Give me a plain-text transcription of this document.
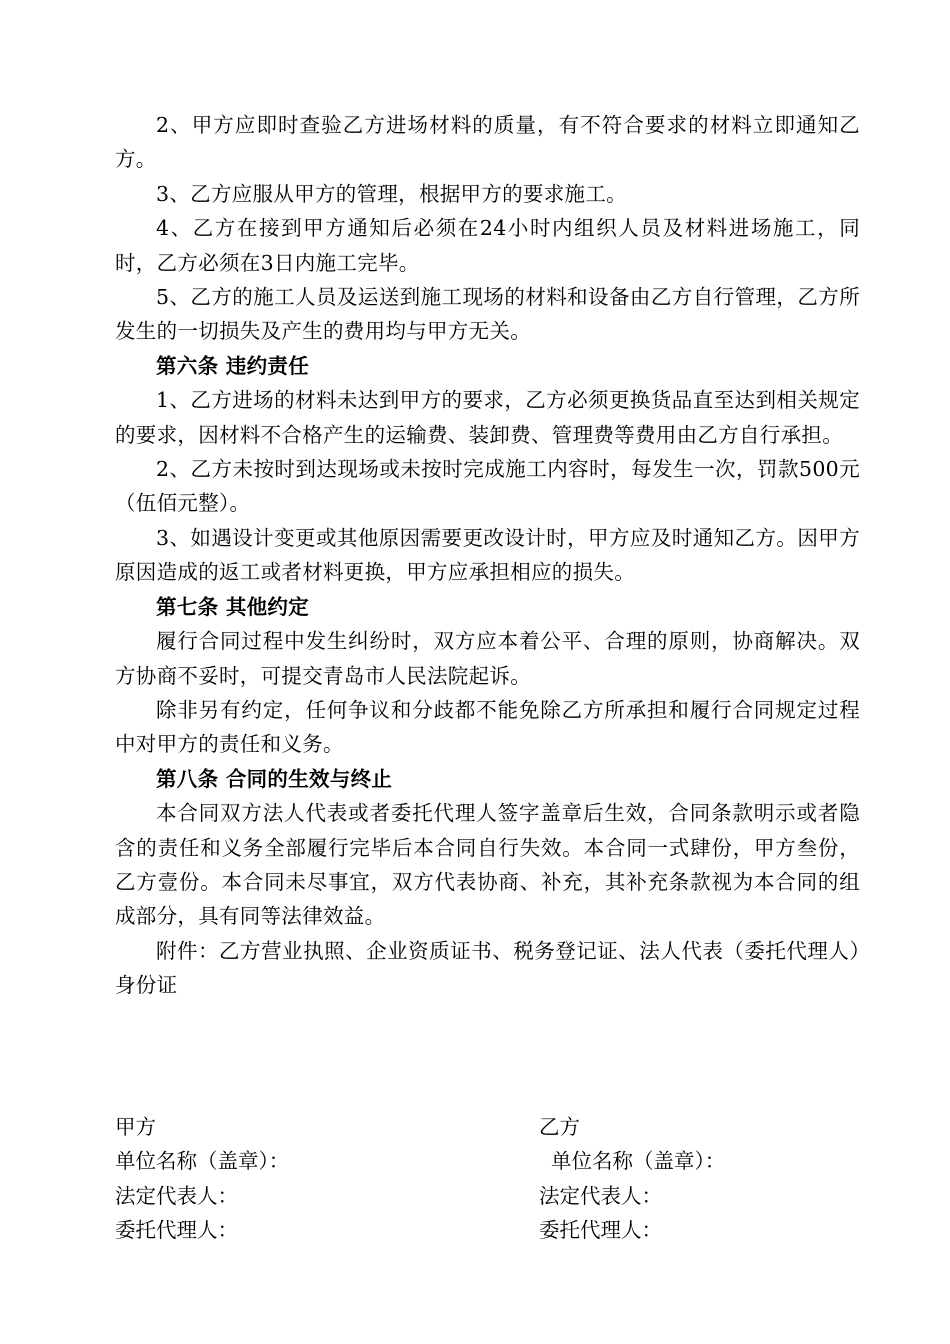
2、甲方应即时查验乙方进场材料的质量，有不符合要求的材料立即通知乙方。

3、乙方应服从甲方的管理，根据甲方的要求施工。

4、乙方在接到甲方通知后必须在24小时内组织人员及材料进场施工，同时，乙方必须在3日内施工完毕。

5、乙方的施工人员及运送到施工现场的材料和设备由乙方自行管理，乙方所发生的一切损失及产生的费用均与甲方无关。

第六条 违约责任

1、乙方进场的材料未达到甲方的要求，乙方必须更换货品直至达到相关规定的要求，因材料不合格产生的运输费、装卸费、管理费等费用由乙方自行承担。

2、乙方未按时到达现场或未按时完成施工内容时，每发生一次，罚款500元（伍佰元整）。

3、如遇设计变更或其他原因需要更改设计时，甲方应及时通知乙方。因甲方原因造成的返工或者材料更换，甲方应承担相应的损失。

第七条 其他约定

履行合同过程中发生纠纷时，双方应本着公平、合理的原则，协商解决。双方协商不妥时，可提交青岛市人民法院起诉。

除非另有约定，任何争议和分歧都不能免除乙方所承担和履行合同规定过程中对甲方的责任和义务。

第八条 合同的生效与终止

本合同双方法人代表或者委托代理人签字盖章后生效，合同条款明示或者隐含的责任和义务全部履行完毕后本合同自行失效。本合同一式肆份，甲方叁份，乙方壹份。本合同未尽事宜，双方代表协商、补充，其补充条款视为本合同的组成部分，具有同等法律效益。

附件：乙方营业执照、企业资质证书、税务登记证、法人代表（委托代理人）身份证

甲方	乙方
单位名称（盖章）：	单位名称（盖章）：
法定代表人：	法定代表人：
委托代理人：	委托代理人：
